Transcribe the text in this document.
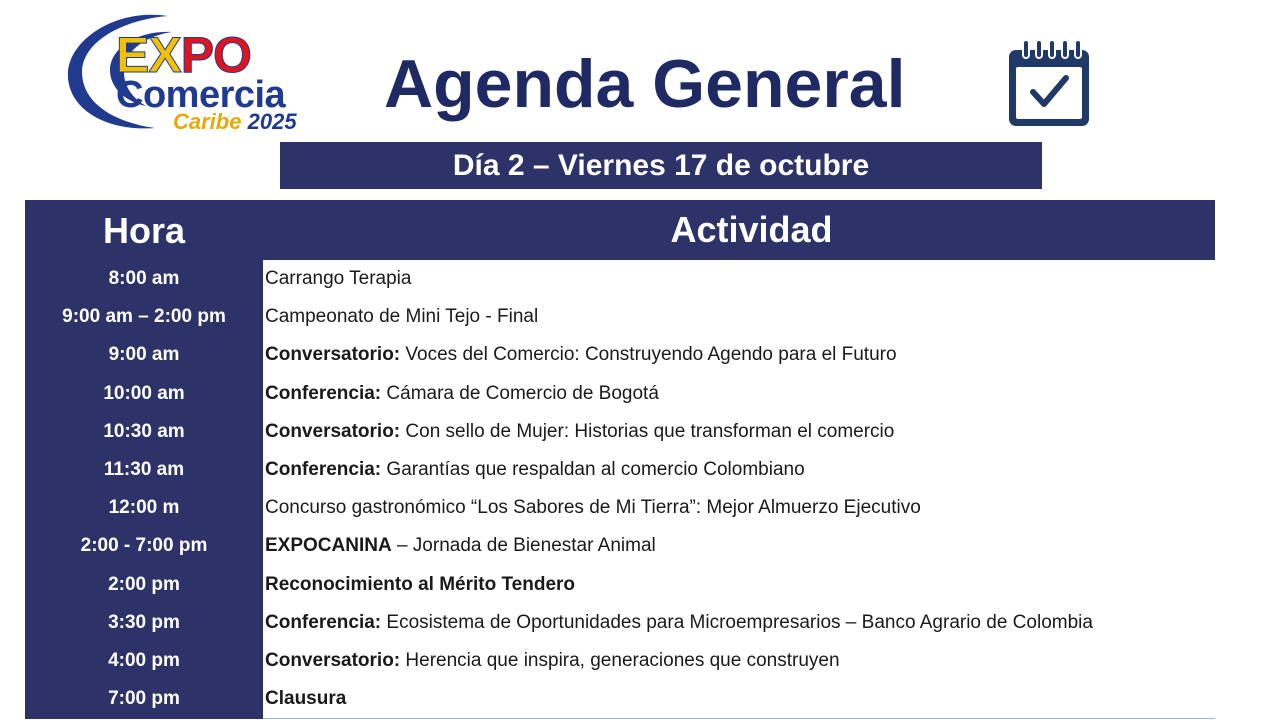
EXPO
Comercia
Caribe 2025 Agenda General
Día 2 – Viernes 17 de octubre
Hora	Actividad
8:00 am	Carrango Terapia
9:00 am – 2:00 pm	Campeonato de Mini Tejo - Final
9:00 am	Conversatorio: Voces del Comercio: Construyendo Agendo para el Futuro
10:00 am	Conferencia: Cámara de Comercio de Bogotá
10:30 am	Conversatorio: Con sello de Mujer: Historias que transforman el comercio
11:30 am	Conferencia: Garantías que respaldan al comercio Colombiano
12:00 m	Concurso gastronómico “Los Sabores de Mi Tierra”: Mejor Almuerzo Ejecutivo
2:00 - 7:00 pm	EXPOCANINA – Jornada de Bienestar Animal
2:00 pm	Reconocimiento al Mérito Tendero
3:30 pm	Conferencia: Ecosistema de Oportunidades para Microempresarios – Banco Agrario de Colombia
4:00 pm	Conversatorio: Herencia que inspira, generaciones que construyen
7:00 pm	Clausura
